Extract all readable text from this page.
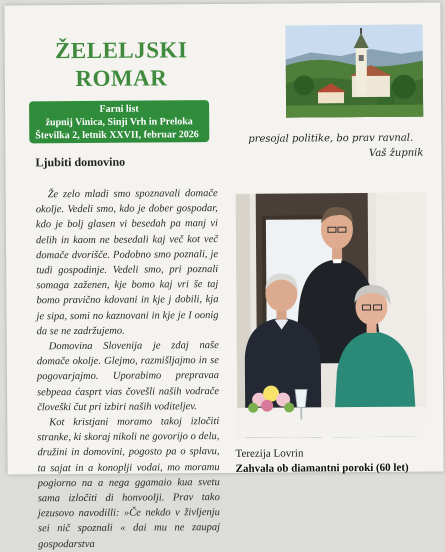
ŽELELJSKI
ROMAR
Farni list
župnij Vinica, Sinji Vrh in Preloka
Številka 2, letnik XXVII, februar 2026	presojal politike, bo prav ravnal.
Vaš župnik
Ljubiti domovino

Že zelo mladi smo spoznavali domače okolje. Vedeli smo, kdo je dober gospodar, kdo je bolj glasen vi besedah pa manj vi delih in kaom ne besedali kaj več kot več domače dvorišče. Podobno smo poznali, je tudi gospodinje. Vedeli smo, pri poznali somaga zaženen, kje bomo kaj vri še taj bomo pravično kdovani in kje j dobili, kja je sipa, somi no kaznovani in kje je I oonig da se ne zadržujemo.

Domovina Slovenija je zdaj naše domače okolje. Glejmo, razmišljajmo in se pogovarjajmo. Uporabimo prepravaa sebpeaa ćasprt vias čovešli naših vodrače človeški čut pri izbiri naših voditeljev.

Kot kristjani moramo takoj izločiti stranke, ki skoraj nikoli ne govorijo o delu, družini in domovini, pogosto pa o splavu, ta sajat in a konoplji vodai, mo moramu pogiorno na a nega ggamaio kua svetu sama izločiti di honvoolji. Prav tako jezusovo navodilli: »Če nekdo v življenju sei nič spoznali « dai mu ne zaupaj gospodarstva

Terezija Lovrin
Zahvala ob diamantni poroki (60 let)
